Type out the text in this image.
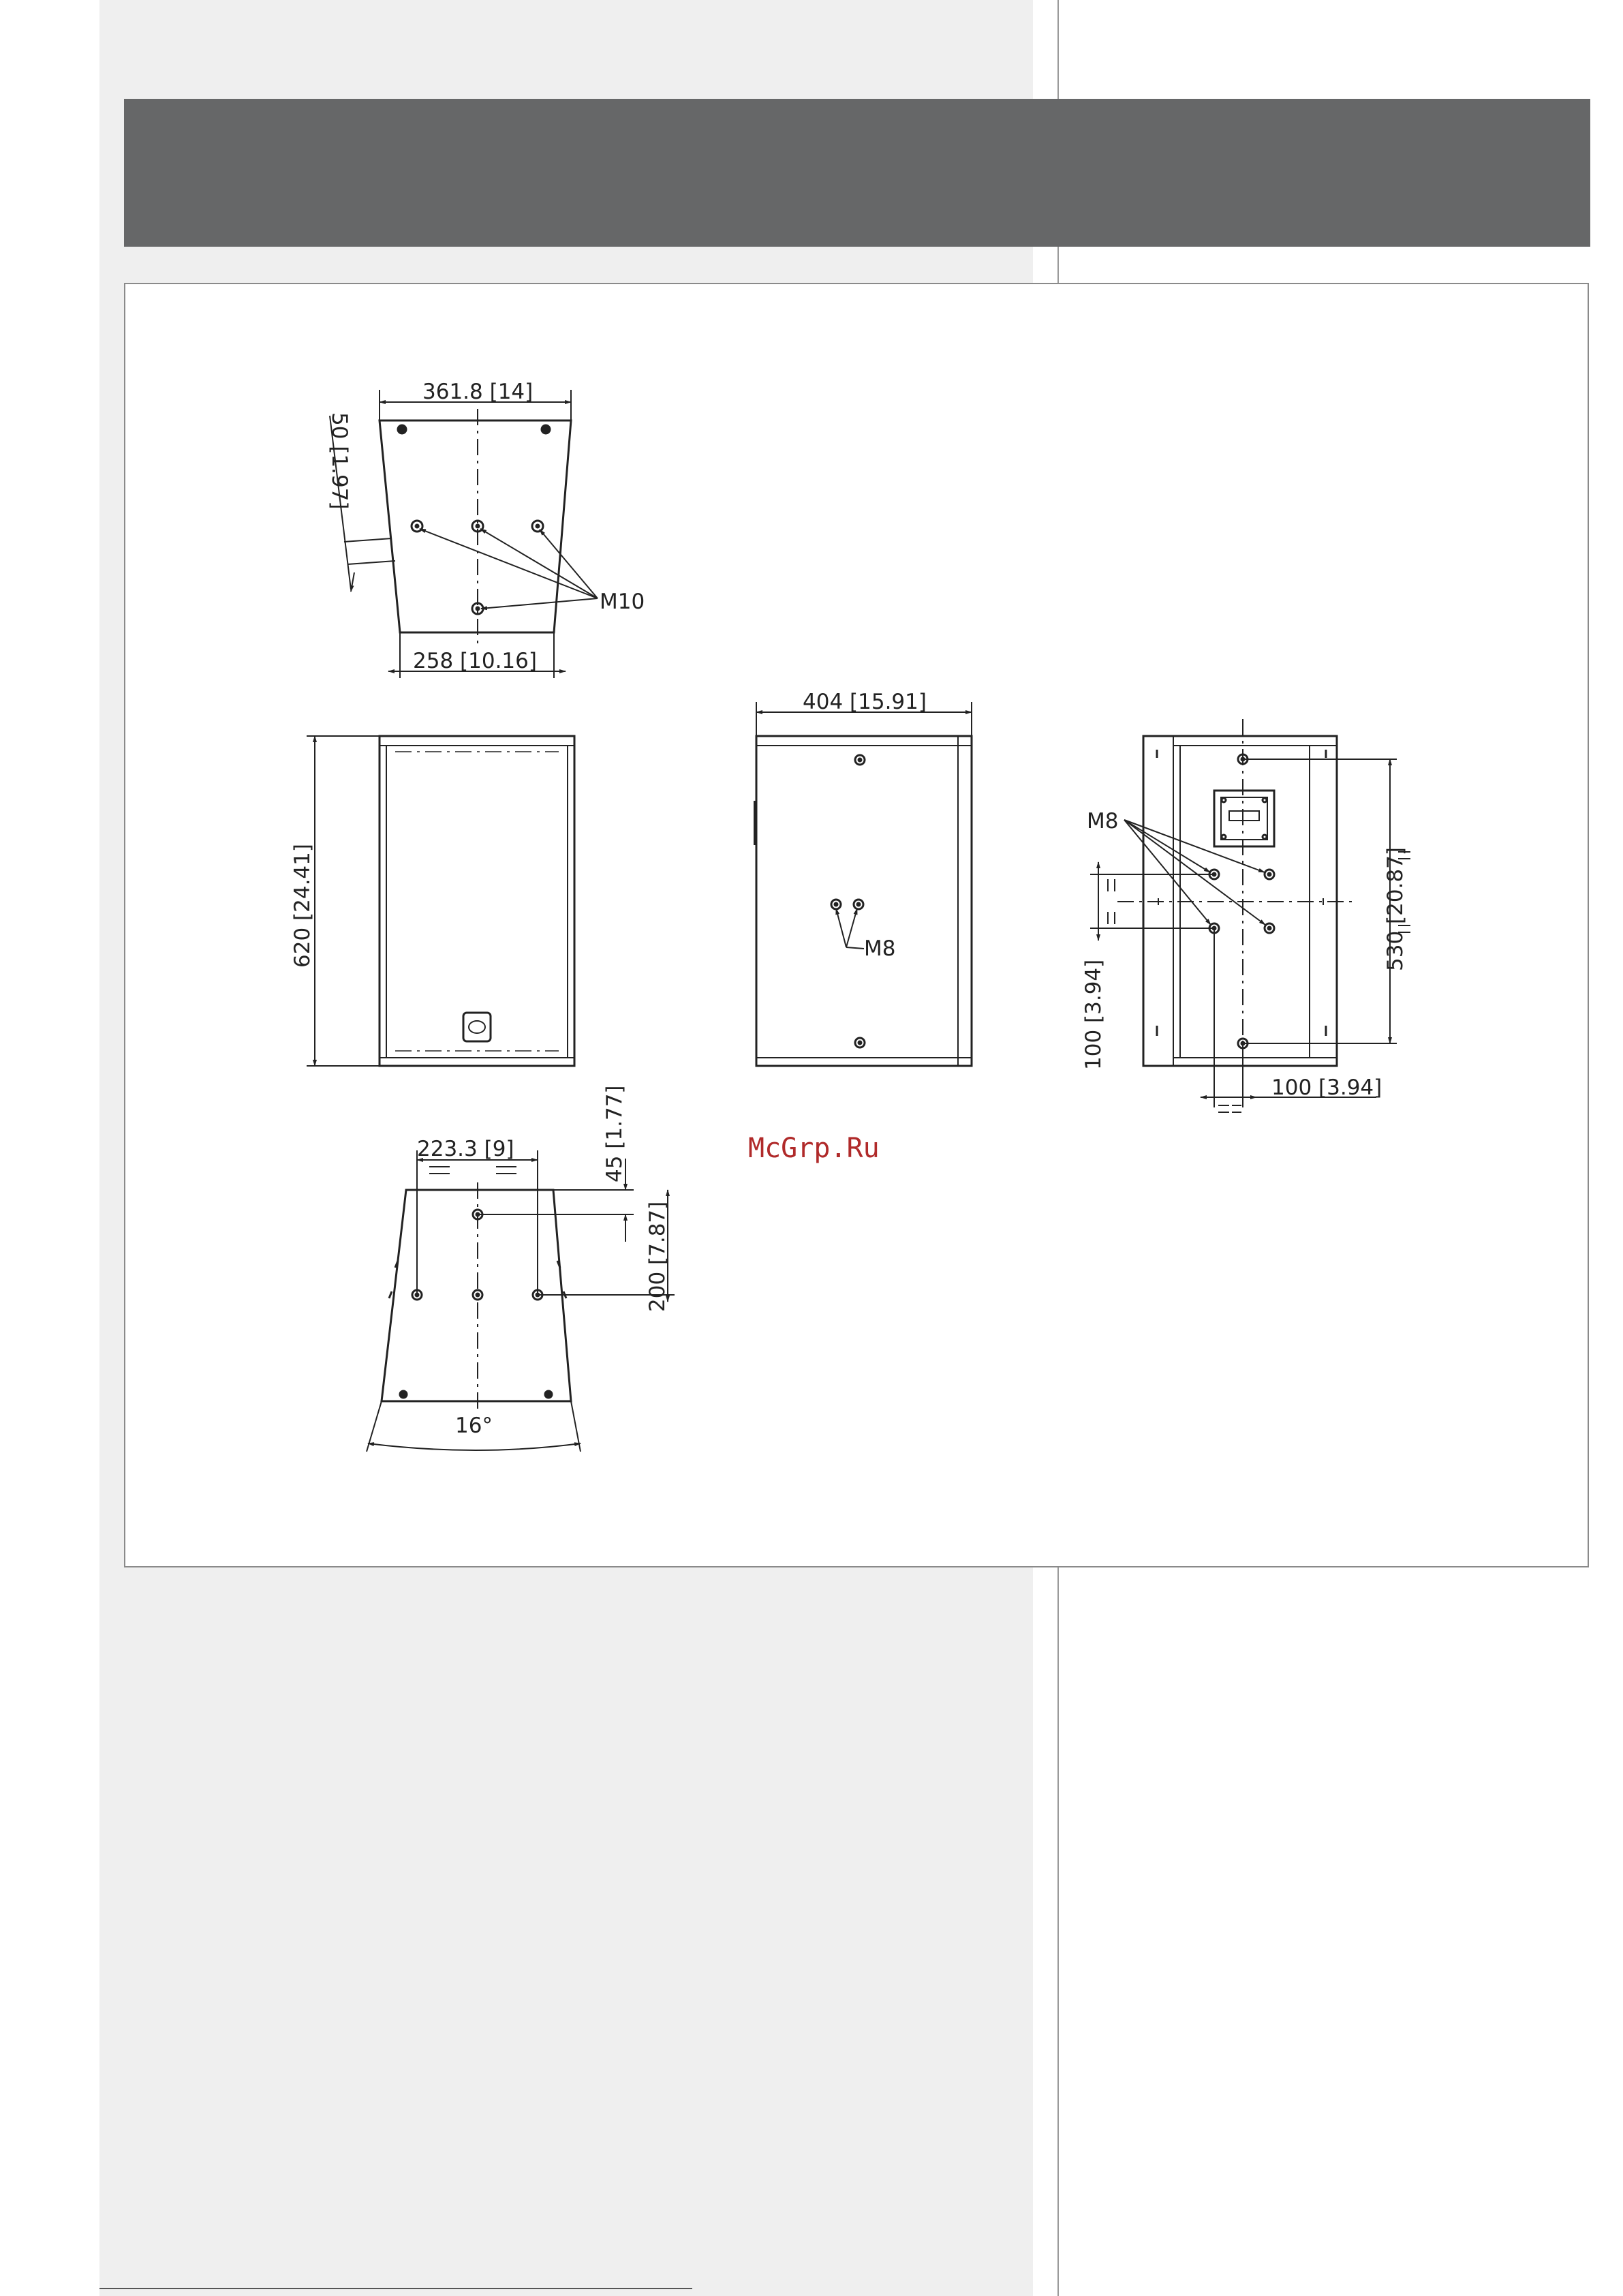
361.8 [14]
258 [10.16]
M10
50 [1.97]
620 [24.41]
404 [15.91]
M8
M8
530 [20.87]
100 [3.94]
100 [3.94]
223.3 [9]	45 [1.77]
200 [7.87]
16°
McGrp.Ru
